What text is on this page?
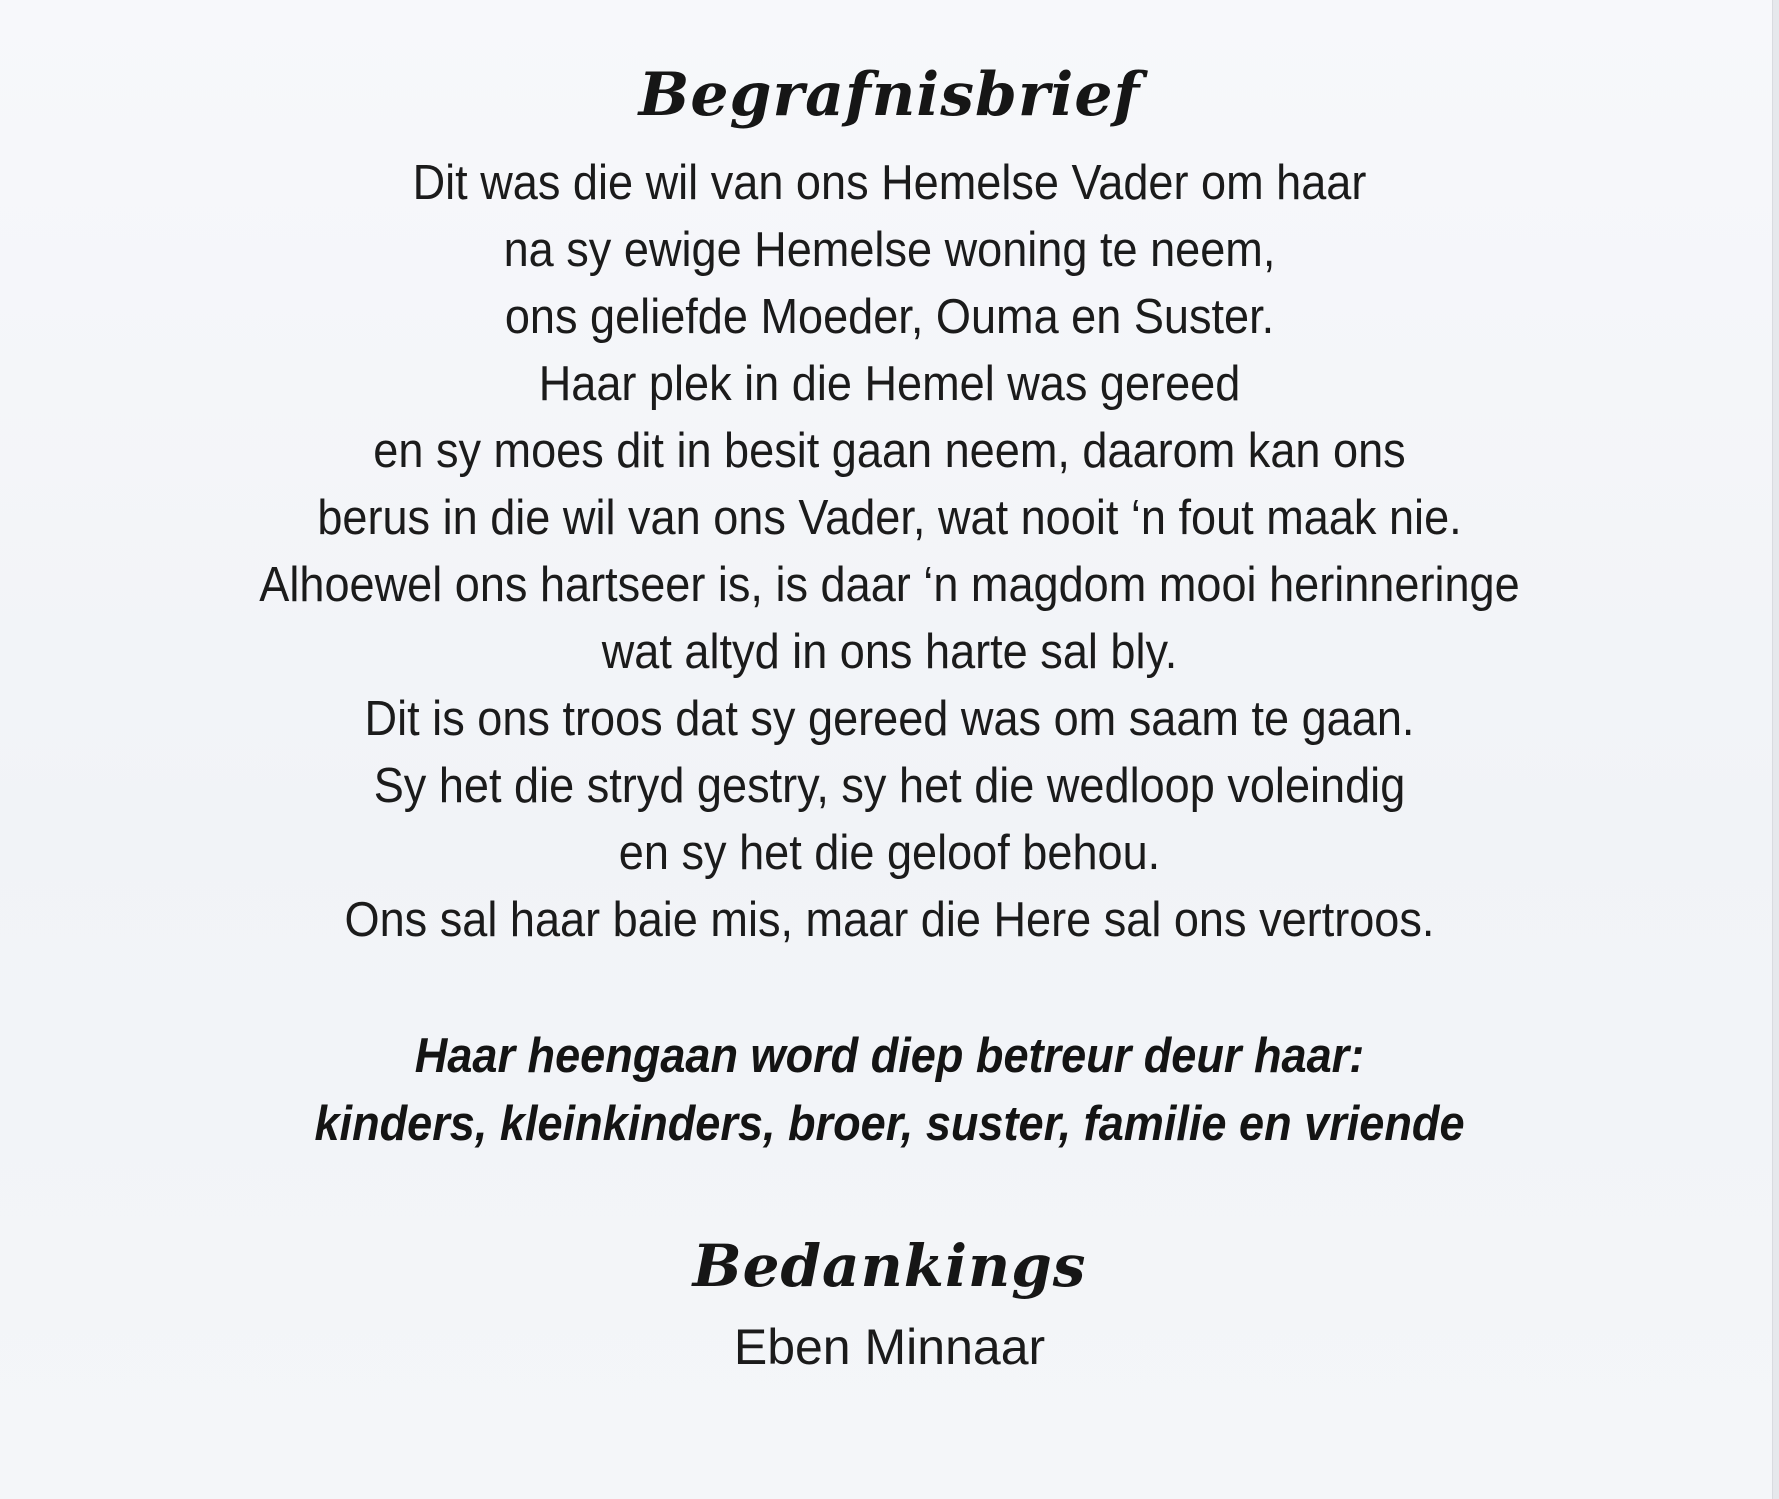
Begrafnisbrief
Dit was die wil van ons Hemelse Vader om haar
na sy ewige Hemelse woning te neem,
ons geliefde Moeder, Ouma en Suster.
Haar plek in die Hemel was gereed
en sy moes dit in besit gaan neem, daarom kan ons
berus in die wil van ons Vader, wat nooit ‘n fout maak nie.
Alhoewel ons hartseer is, is daar ‘n magdom mooi herinneringe
wat altyd in ons harte sal bly.
Dit is ons troos dat sy gereed was om saam te gaan.
Sy het die stryd gestry, sy het die wedloop voleindig
en sy het die geloof behou.
Ons sal haar baie mis, maar die Here sal ons vertroos.
Haar heengaan word diep betreur deur haar:
kinders, kleinkinders, broer, suster, familie en vriende
Bedankings

Eben Minnaar
